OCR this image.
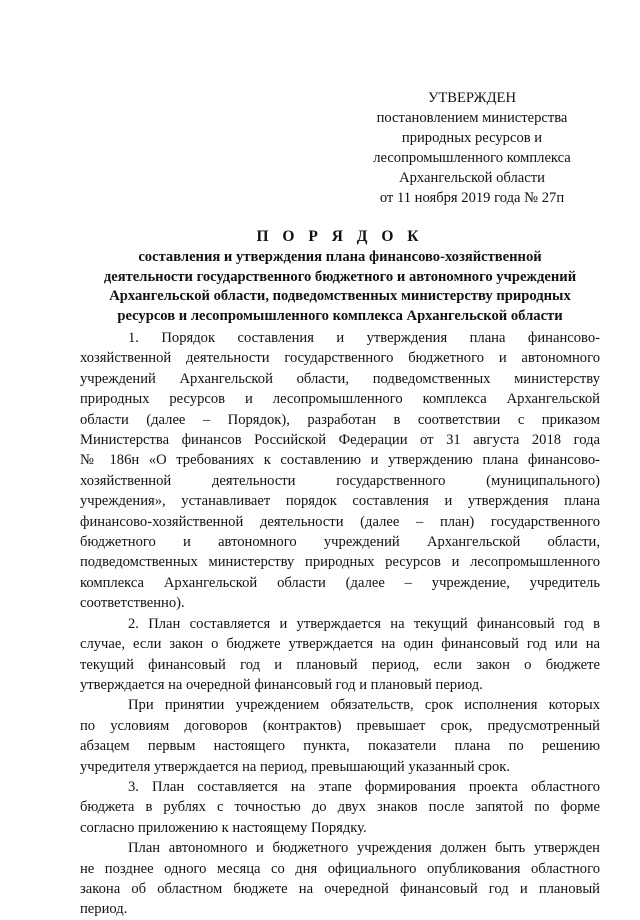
УТВЕРЖДЕН
постановлением министерства
природных ресурсов и
лесопромышленного комплекса
Архангельской области
от 11 ноября 2019 года № 27п
П О Р Я Д О К
составления и утверждения плана финансово-хозяйственной
деятельности государственного бюджетного и автономного учреждений
Архангельской области, подведомственных министерству природных
ресурсов и лесопромышленного комплекса Архангельской области
1. Порядок составления и утверждения плана финансово-
хозяйственной деятельности государственного бюджетного и автономного
учреждений Архангельской области, подведомственных министерству
природных ресурсов и лесопромышленного комплекса Архангельской
области (далее – Порядок), разработан в соответствии с приказом
Министерства финансов Российской Федерации от 31 августа 2018 года
№ 186н «О требованиях к составлению и утверждению плана финансово-
хозяйственной деятельности государственного (муниципального)
учреждения», устанавливает порядок составления и утверждения плана
финансово-хозяйственной деятельности (далее – план) государственного
бюджетного и автономного учреждений Архангельской области,
подведомственных министерству природных ресурсов и лесопромышленного
комплекса Архангельской области (далее – учреждение, учредитель
соответственно).
2. План составляется и утверждается на текущий финансовый год в
случае, если закон о бюджете утверждается на один финансовый год или на
текущий финансовый год и плановый период, если закон о бюджете
утверждается на очередной финансовый год и плановый период.
При принятии учреждением обязательств, срок исполнения которых
по условиям договоров (контрактов) превышает срок, предусмотренный
абзацем первым настоящего пункта, показатели плана по решению
учредителя утверждается на период, превышающий указанный срок.
3. План составляется на этапе формирования проекта областного
бюджета в рублях с точностью до двух знаков после запятой по форме
согласно приложению к настоящему Порядку.
План автономного и бюджетного учреждения должен быть утвержден
не позднее одного месяца со дня официального опубликования областного
закона об областном бюджете на очередной финансовый год и плановый
период.
